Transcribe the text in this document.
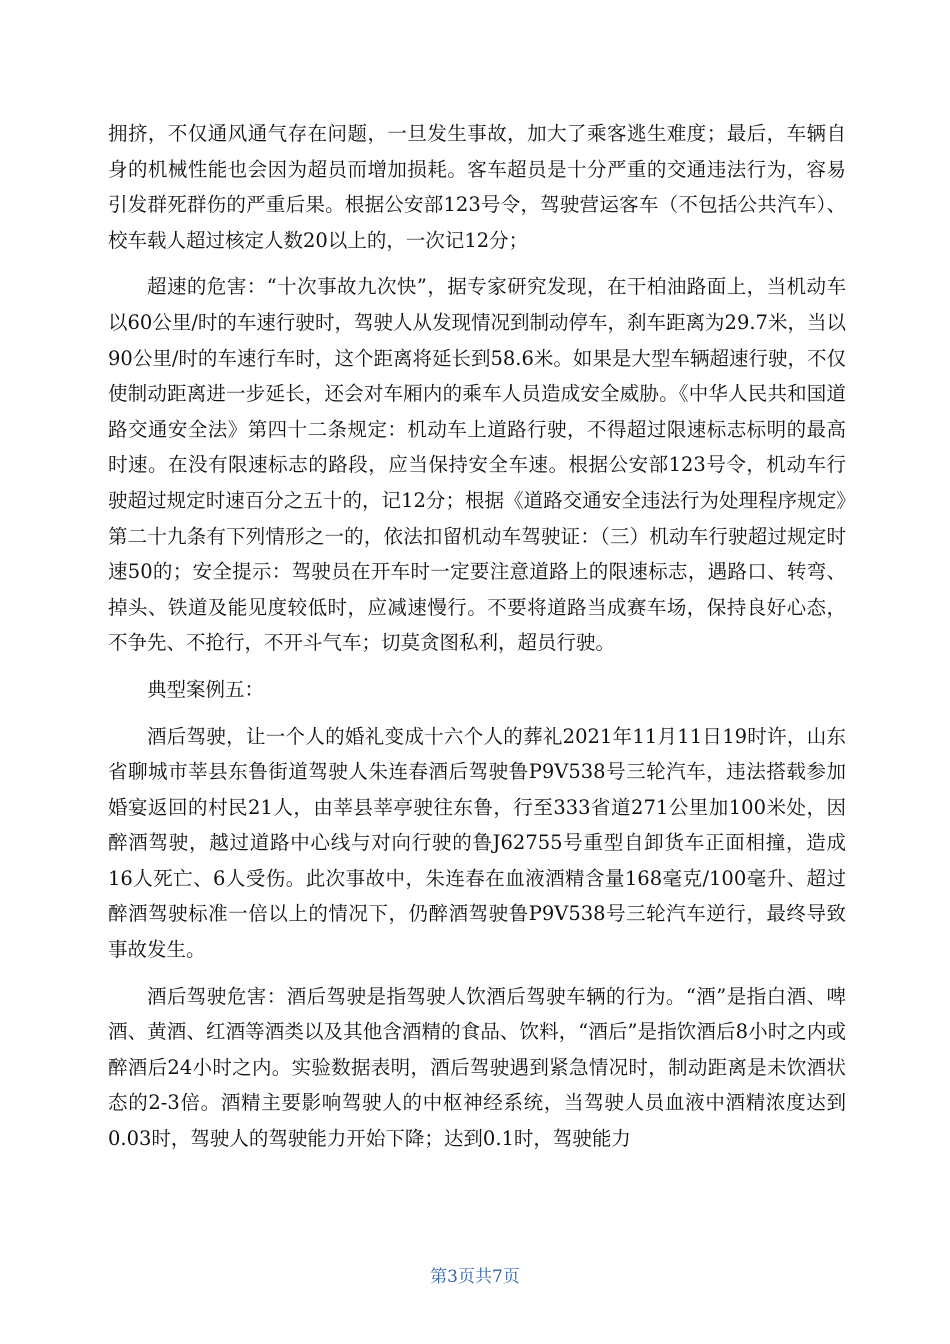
拥挤，不仅通风通气存在问题，一旦发生事故，加大了乘客逃生难度；最后，车辆自身的机械性能也会因为超员而增加损耗。客车超员是十分严重的交通违法行为，容易引发群死群伤的严重后果。根据公安部123号令，驾驶营运客车（不包括公共汽车）、校车载人超过核定人数20以上的，一次记12分；

超速的危害：“十次事故九次快”，据专家研究发现，在干柏油路面上，当机动车以60公里/时的车速行驶时，驾驶人从发现情况到制动停车，刹车距离为29.7米，当以90公里/时的车速行车时，这个距离将延长到58.6米。如果是大型车辆超速行驶，不仅使制动距离进一步延长，还会对车厢内的乘车人员造成安全威胁。《中华人民共和国道路交通安全法》第四十二条规定：机动车上道路行驶，不得超过限速标志标明的最高时速。在没有限速标志的路段，应当保持安全车速。根据公安部123号令，机动车行驶超过规定时速百分之五十的，记12分；根据《道路交通安全违法行为处理程序规定》第二十九条有下列情形之一的，依法扣留机动车驾驶证：（三）机动车行驶超过规定时速50的；安全提示：驾驶员在开车时一定要注意道路上的限速标志，遇路口、转弯、掉头、铁道及能见度较低时，应减速慢行。不要将道路当成赛车场，保持良好心态，不争先、不抢行，不开斗气车；切莫贪图私利，超员行驶。

典型案例五：

酒后驾驶，让一个人的婚礼变成十六个人的葬礼2021年11月11日19时许，山东省聊城市莘县东鲁街道驾驶人朱连春酒后驾驶鲁P9V538号三轮汽车，违法搭载参加婚宴返回的村民21人，由莘县莘亭驶往东鲁，行至333省道271公里加100米处，因醉酒驾驶，越过道路中心线与对向行驶的鲁J62755号重型自卸货车正面相撞，造成16人死亡、6人受伤。此次事故中，朱连春在血液酒精含量168毫克/100毫升、超过醉酒驾驶标准一倍以上的情况下，仍醉酒驾驶鲁P9V538号三轮汽车逆行，最终导致事故发生。

酒后驾驶危害：酒后驾驶是指驾驶人饮酒后驾驶车辆的行为。“酒”是指白酒、啤酒、黄酒、红酒等酒类以及其他含酒精的食品、饮料，“酒后”是指饮酒后8小时之内或醉酒后24小时之内。实验数据表明，酒后驾驶遇到紧急情况时，制动距离是未饮酒状态的2-3倍。酒精主要影响驾驶人的中枢神经系统，当驾驶人员血液中酒精浓度达到0.03时，驾驶人的驾驶能力开始下降；达到0.1时，驾驶能力

第3页共7页
